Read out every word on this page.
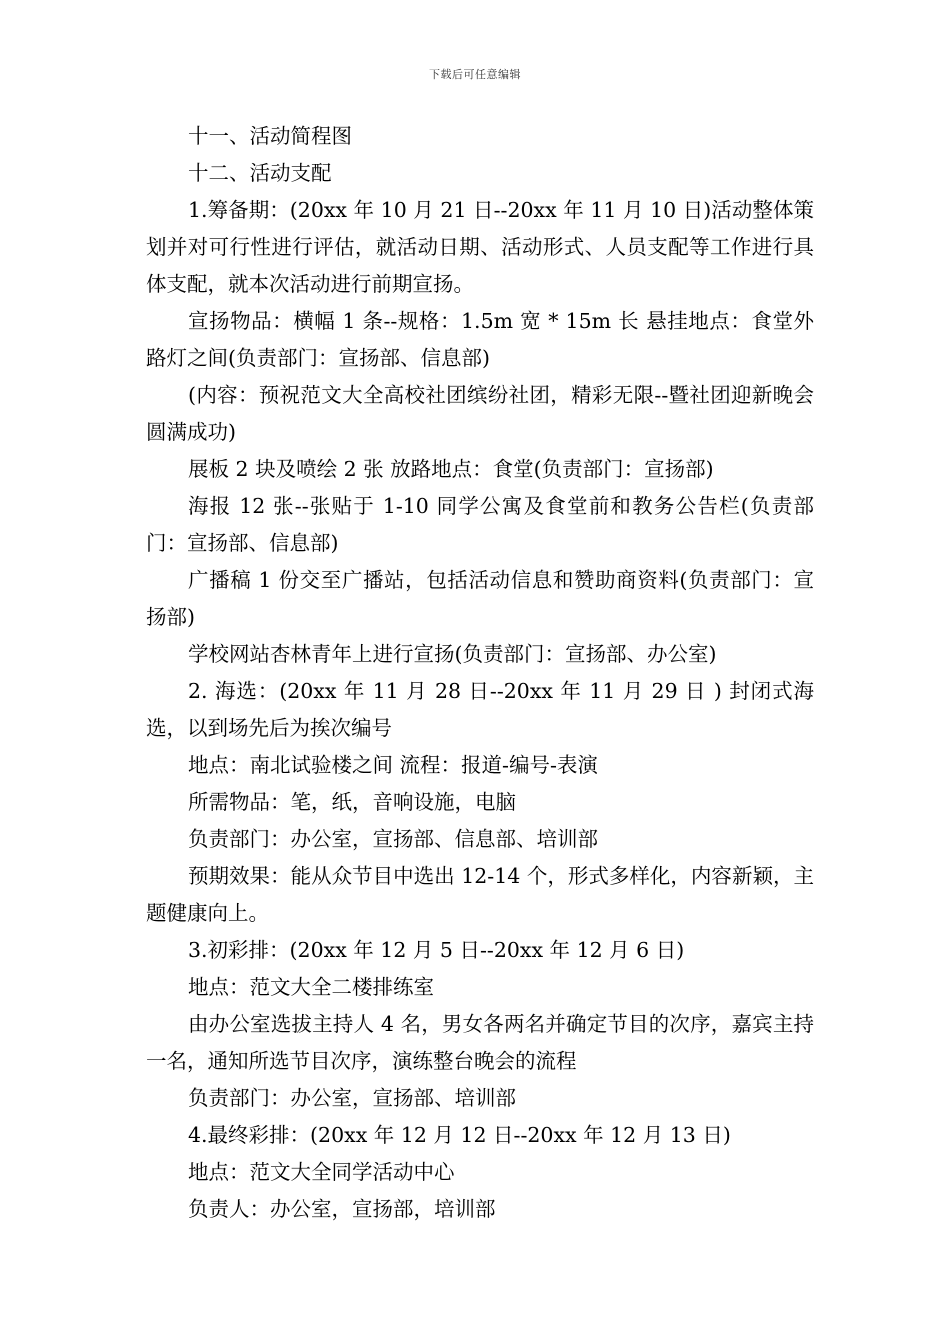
下载后可任意编辑

十一、活动简程图

十二、活动支配

1.筹备期：(20xx 年 10 月 21 日--20xx 年 11 月 10 日)活动整体策划并对可行性进行评估，就活动日期、活动形式、人员支配等工作进行具体支配，就本次活动进行前期宣扬。

宣扬物品：横幅 1 条--规格：1.5m 宽 * 15m 长 悬挂地点：食堂外路灯之间(负责部门：宣扬部、信息部)

(内容：预祝范文大全高校社团缤纷社团，精彩无限--暨社团迎新晚会圆满成功)

展板 2 块及喷绘 2 张 放路地点：食堂(负责部门：宣扬部)

海报 12 张--张贴于 1-10 同学公寓及食堂前和教务公告栏(负责部门：宣扬部、信息部)

广播稿 1 份交至广播站，包括活动信息和赞助商资料(负责部门：宣扬部)

学校网站杏林青年上进行宣扬(负责部门：宣扬部、办公室)

2. 海选：(20xx 年 11 月 28 日--20xx 年 11 月 29 日 ) 封闭式海选，以到场先后为挨次编号

地点：南北试验楼之间 流程：报道-编号-表演

所需物品：笔，纸，音响设施，电脑

负责部门：办公室，宣扬部、信息部、培训部

预期效果：能从众节目中选出 12-14 个，形式多样化，内容新颖，主题健康向上。

3.初彩排：(20xx 年 12 月 5 日--20xx 年 12 月 6 日)

地点：范文大全二楼排练室

由办公室选拔主持人 4 名，男女各两名并确定节目的次序，嘉宾主持一名，通知所选节目次序，演练整台晚会的流程

负责部门：办公室，宣扬部、培训部

4.最终彩排：(20xx 年 12 月 12 日--20xx 年 12 月 13 日)

地点：范文大全同学活动中心

负责人：办公室，宣扬部，培训部
